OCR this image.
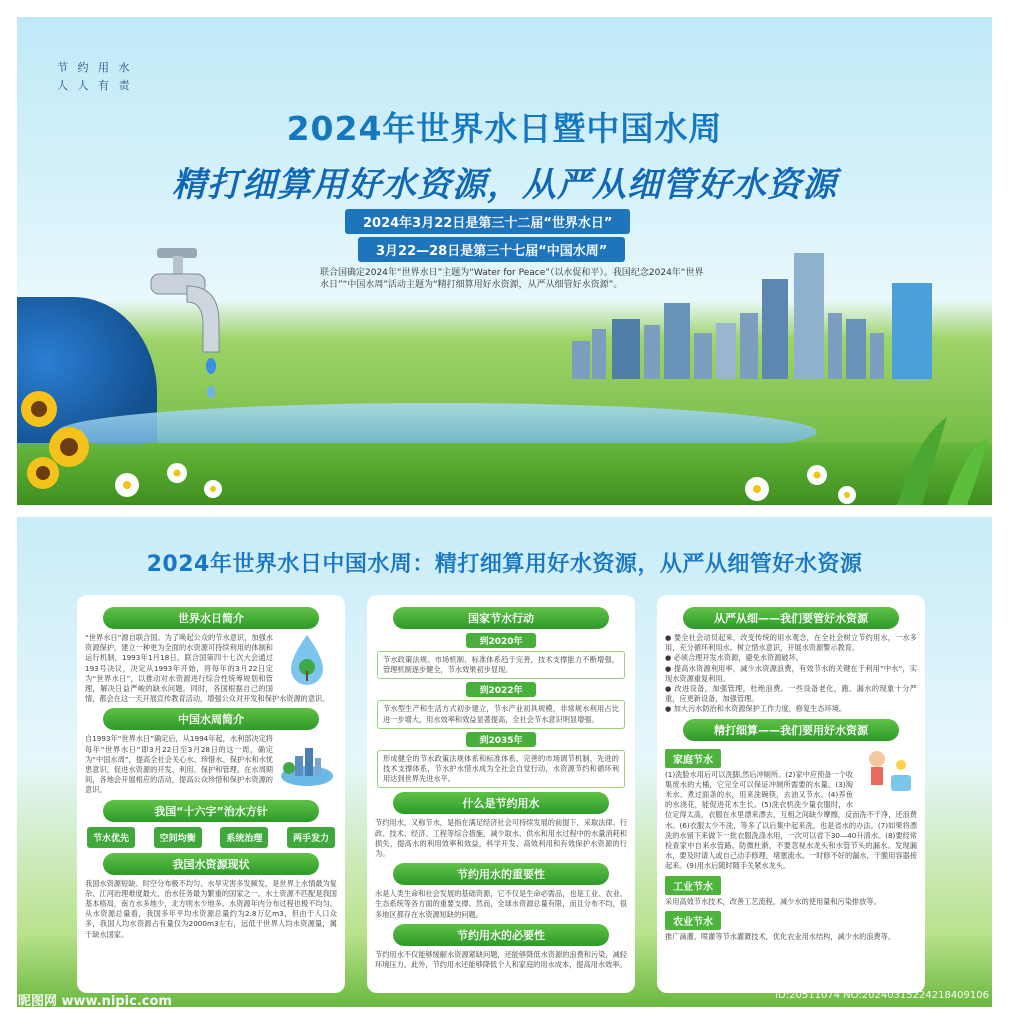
节 约 用 水
人 人 有 责
2024年世界水日暨中国水周
精打细算用好水资源，从严从细管好水资源
2024年3月22日是第三十二届“世界水日”
3月22—28日是第三十七届“中国水周”
联合国确定2024年“世界水日”主题为“Water for Peace”（以水促和平）。我国纪念2024年“世界水日”“中国水周”活动主题为“精打细算用好水资源，从严从细管好水资源”。
2024年世界水日中国水周：精打细算用好水资源，从严从细管好水资源
世界水日简介
“世界水日”源自联合国。为了唤起公众的节水意识，加强水资源保护，建立一种更为全面的水资源可持续利用的体制和运行机制，1993年1月18日，联合国第四十七次大会通过193号决议，决定从1993年开始，将每年的3月22日定为“世界水日”，以推动对水资源进行综合性统筹规划和管理，解决日益严峻的缺水问题。同时，各国根据自己的国情，都会在这一天开展宣传教育活动，增强公众对开发和保护水资源的意识。
中国水周简介
自1993年“世界水日”确定后，从1994年起，水利部决定将每年“世界水日”即3月22日至3月28日的这一周，确定为“中国水周”，提高全社会关心水、珍惜水、保护水和水忧患意识，促进水资源的开发、利用、保护和管理。在水周期间，各地会开展相应的活动，提高公众珍惜和保护水资源的意识。
我国“十六字”治水方针
节水优先	空间均衡	系统治理	两手发力
我国水资源现状
我国水资源短缺、时空分布极不均匀、水旱灾害多发频发，是世界上水情最为复杂、江河治理难度最大、治水任务最为繁重的国家之一。水土资源不匹配是我国基本格局，南方水多地少，北方则水少地多。水资源年内分布过程也极不均匀。从水资源总量看，我国多年平均水资源总量约为2.8万亿m3，但由于人口众多，我国人均水资源占有量仅为2000m3左右，远低于世界人均水资源量，属于缺水国家。
国家节水行动
到2020年
节水政策法规、市场机制、标准体系趋于完善，技术支撑能力不断增强，管理机制逐步健全，节水效果初步显现。
到2022年
节水型生产和生活方式初步建立，节水产业初具规模，非常规水利用占比进一步增大，用水效率和效益显著提高，全社会节水意识明显增强。
到2035年
形成健全的节水政策法规体系和标准体系、完善的市场调节机制、先进的技术支撑体系，节水护水惜水成为全社会自觉行动，水资源节约和循环利用达到世界先进水平。
什么是节约用水
节约用水，又称节水，是指在满足经济社会可持续发展的前提下，采取法律、行政、技术、经济、工程等综合措施，减少取水、供水和用水过程中的水量消耗和损失，提高水的利用效率和效益，科学开发、高效利用和有效保护水资源的行为。
节约用水的重要性
水是人类生命和社会发展的基础资源，它不仅是生命必需品，也是工业、农业、生态系统等各方面的重要支撑。然而，全球水资源总量有限，而且分布不均，很多地区都存在水资源短缺的问题。
节约用水的必要性
节约用水不仅能够缓解水资源紧缺问题，还能够降低水资源的浪费和污染，减轻环境压力。此外，节约用水还能够降低个人和家庭的用水成本，提高用水效率。
从严从细——我们要管好水资源
● 要全社会动员起来，改变传统的用水观念，在全社会树立节约用水，一水多用，充分循环利用水。树立惜水意识，开展水资源警示教育。
● 必须合理开发水资源，避免水资源破坏。
● 提高水资源利用率，减少水资源浪费，有效节水的关键在于利用“中水”，实现水资源重复利用。
● 改进设备，加强管理，杜绝浪费。一些设备老化，跑、漏水的现象十分严重，应更新设备，加强管理。
● 加大污水防治和水资源保护工作力度，修复生态环境。
精打细算——我们要用好水资源
家庭节水
(1)洗脸水用后可以洗脚,然后冲厕所。(2)家中应预备一个收集废水的大桶，它完全可以保证冲厕所需要的水量。(3)淘米水、煮过面条的水，用来洗碗筷，去油又节水。(4)养鱼的水浇花，能促进花木生长。(5)洗衣机洗少量衣服时，水位定得太高，衣服在水里漂来漂去，互相之间缺少摩擦，反而洗不干净，还浪费水。(6)衣服太少不洗，等多了以后集中起来洗，也是省水的办法。(7)如果将漂洗的水留下来做下一批衣服洗涤水用，一次可以省下30—40升清水。(8)要经常检查家中自来水管路。防微杜渐，不要忽视水龙头和水管节头的漏水。发现漏水，要及时请人或自己动手修理，堵塞流水。一时修不好的漏水，干脆用容器接起来。(9)用水后随时随手关紧水龙头。
工业节水
采用高效节水技术，改善工艺流程，减少水的使用量和污染排放等。
农业节水
推广滴灌、喷灌等节水灌溉技术，优化农业用水结构，减少水的浪费等。
昵图网 www.nipic.com	ID:20511074 NO:20240315224218409106
